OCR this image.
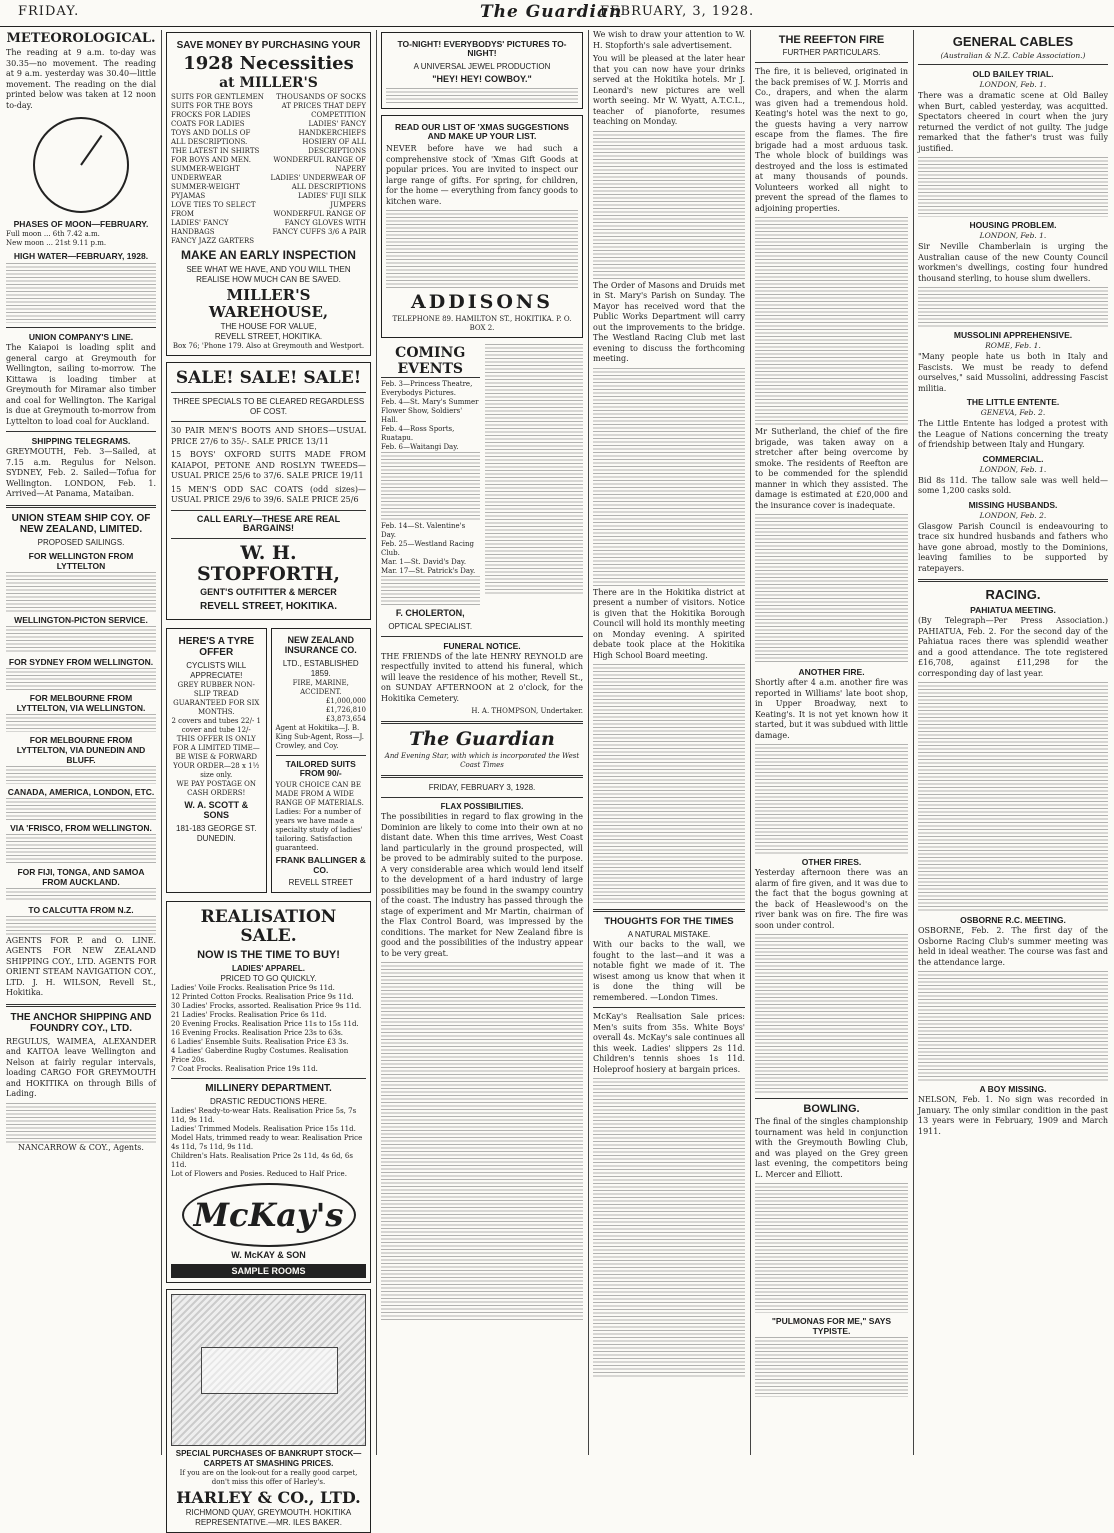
FRIDAY.	The Guardian
FEBRUARY, 3, 1928.
METEOROLOGICAL.

The reading at 9 a.m. to-day was 30.35—no movement. The reading at 9 a.m. yesterday was 30.40—little movement. The reading on the dial printed below was taken at 12 noon to-day.

PHASES OF MOON—FEBRUARY.

Full moon ... 6th 7.42 a.m.

New moon ... 21st 9.11 p.m.

HIGH WATER—FEBRUARY, 1928.
UNION COMPANY'S LINE.

The Kaiapoi is loading split and general cargo at Greymouth for Wellington, sailing to-morrow. The Kittawa is loading timber at Greymouth for Miramar also timber and coal for Wellington. The Karigal is due at Greymouth to-morrow from Lyttelton to load coal for Auckland.

SHIPPING TELEGRAMS.

GREYMOUTH, Feb. 3—Sailed, at 7.15 a.m. Regulus for Nelson. SYDNEY, Feb. 2. Sailed—Tofua for Wellington. LONDON, Feb. 1. Arrived—At Panama, Mataiban.

UNION STEAM SHIP COY. OF NEW ZEALAND, LIMITED.
PROPOSED SAILINGS.
FOR WELLINGTON FROM LYTTELTON
WELLINGTON-PICTON SERVICE.
FOR SYDNEY FROM WELLINGTON.
FOR MELBOURNE FROM LYTTELTON, VIA WELLINGTON.
FOR MELBOURNE FROM LYTTELTON, VIA DUNEDIN AND BLUFF.
CANADA, AMERICA, LONDON, ETC.
VIA 'FRISCO, FROM WELLINGTON.
FOR FIJI, TONGA, AND SAMOA FROM AUCKLAND.
TO CALCUTTA FROM N.Z.

AGENTS FOR P. and O. LINE. AGENTS FOR NEW ZEALAND SHIPPING COY., LTD. AGENTS FOR ORIENT STEAM NAVIGATION COY., LTD. J. H. WILSON, Revell St., Hokitika.

THE ANCHOR SHIPPING AND FOUNDRY COY., LTD.

REGULUS, WAIMEA, ALEXANDER and KAITOA leave Wellington and Nelson at fairly regular intervals, loading CARGO FOR GREYMOUTH and HOKITIKA on through Bills of Lading.

NANCARROW & COY., Agents.

SAVE MONEY BY PURCHASING YOUR
1928 Necessities
at MILLER'S

SUITS FOR GENTLEMEN

SUITS FOR THE BOYS

FROCKS FOR LADIES

COATS FOR LADIES

TOYS AND DOLLS OF ALL DESCRIPTIONS.

THE LATEST IN SHIRTS FOR BOYS AND MEN.

SUMMER-WEIGHT UNDERWEAR

SUMMER-WEIGHT PYJAMAS

LOVE TIES TO SELECT FROM

LADIES' FANCY HANDBAGS

FANCY JAZZ GARTERS

THOUSANDS OF SOCKS AT PRICES THAT DEFY COMPETITION

LADIES' FANCY HANDKERCHIEFS

HOSIERY OF ALL DESCRIPTIONS

WONDERFUL RANGE OF NAPERY

LADIES' UNDERWEAR OF ALL DESCRIPTIONS

LADIES' FUJI SILK JUMPERS

WONDERFUL RANGE OF FANCY GLOVES WITH FANCY CUFFS 3/6 A PAIR

MAKE AN EARLY INSPECTION
SEE WHAT WE HAVE, AND YOU WILL THEN REALISE HOW MUCH CAN BE SAVED.
MILLER'S WAREHOUSE,
THE HOUSE FOR VALUE,
REVELL STREET, HOKITIKA.
Box 76; 'Phone 179. Also at Greymouth and Westport.
SALE! SALE! SALE!
THREE SPECIALS TO BE CLEARED REGARDLESS OF COST.

30 PAIR MEN'S BOOTS AND SHOES—USUAL PRICE 27/6 to 35/-. SALE PRICE 13/11

15 BOYS' OXFORD SUITS MADE FROM KAIAPOI, PETONE AND ROSLYN TWEEDS—USUAL PRICE 25/6 to 37/6. SALE PRICE 19/11

15 MEN'S ODD SAC COATS (odd sizes)—USUAL PRICE 29/6 to 39/6. SALE PRICE 25/6

CALL EARLY—THESE ARE REAL BARGAINS!
W. H. STOPFORTH,
GENT'S OUTFITTER & MERCER
REVELL STREET, HOKITIKA.
HERE'S A TYRE OFFER
CYCLISTS WILL APPRECIATE!

GREY RUBBER NON-SLIP TREAD GUARANTEED FOR SIX MONTHS.

2 covers and tubes 22/- 1 cover and tube 12/-

THIS OFFER IS ONLY FOR A LIMITED TIME—BE WISE & FORWARD YOUR ORDER—28 x 1½ size only.

WE PAY POSTAGE ON CASH ORDERS!

W. A. SCOTT & SONS
181-183 GEORGE ST. DUNEDIN.
NEW ZEALAND INSURANCE CO.
LTD., ESTABLISHED 1859.

FIRE, MARINE, ACCIDENT.

£1,000,000

£1,726,810

£3,873,654

Agent at Hokitika—J. B. King Sub-Agent, Ross—J. Crowley, and Coy.

TAILORED SUITS FROM 90/-

YOUR CHOICE CAN BE MADE FROM A WIDE RANGE OF MATERIALS. Ladies: For a number of years we have made a specialty study of ladies' tailoring. Satisfaction guaranteed.

FRANK BALLINGER & CO.
REVELL STREET
REALISATION SALE.
NOW IS THE TIME TO BUY!
LADIES' APPAREL.
PRICED TO GO QUICKLY.

Ladies' Voile Frocks. Realisation Price 9s 11d.

12 Printed Cotton Frocks. Realisation Price 9s 11d.

30 Ladies' Frocks, assorted. Realisation Price 9s 11d.

21 Ladies' Frocks. Realisation Price 6s 11d.

20 Evening Frocks. Realisation Price 11s to 15s 11d.

16 Evening Frocks. Realisation Price 23s to 63s.

6 Ladies' Ensemble Suits. Realisation Price £3 3s.

4 Ladies' Gaberdine Rugby Costumes. Realisation Price 20s.

7 Coat Frocks. Realisation Price 19s 11d.

MILLINERY DEPARTMENT.
DRASTIC REDUCTIONS HERE.

Ladies' Ready-to-wear Hats. Realisation Price 5s, 7s 11d, 9s 11d.

Ladies' Trimmed Models. Realisation Price 15s 11d.

Model Hats, trimmed ready to wear. Realisation Price 4s 11d, 7s 11d, 9s 11d.

Children's Hats. Realisation Price 2s 11d, 4s 6d, 6s 11d.

Lot of Flowers and Posies. Reduced to Half Price.

McKay's
W. McKAY & SON
SAMPLE ROOMS
SPECIAL PURCHASES OF BANKRUPT STOCK—CARPETS AT SMASHING PRICES.

If you are on the look-out for a really good carpet, don't miss this offer of Harley's.

HARLEY & CO., LTD.
RICHMOND QUAY, GREYMOUTH. HOKITIKA REPRESENTATIVE.—MR. ILES BAKER.
TO-NIGHT! EVERYBODYS' PICTURES TO-NIGHT!
A UNIVERSAL JEWEL PRODUCTION
"HEY! HEY! COWBOY."
READ OUR LIST OF 'XMAS SUGGESTIONS AND MAKE UP YOUR LIST.

NEVER before have we had such a comprehensive stock of 'Xmas Gift Goods at popular prices. You are invited to inspect our large range of gifts. For spring, for children, for the home — everything from fancy goods to kitchen ware.

ADDISONS
TELEPHONE 89. HAMILTON ST., HOKITIKA. P. O. BOX 2.
COMING EVENTS

Feb. 3—Princess Theatre, Everybodys Pictures.

Feb. 4—St. Mary's Summer Flower Show, Soldiers' Hall.

Feb. 4—Ross Sports, Ruatapu.

Feb. 6—Waitangi Day.

Feb. 14—St. Valentine's Day.

Feb. 25—Westland Racing Club.

Mar. 1—St. David's Day.

Mar. 17—St. Patrick's Day.

F. CHOLERTON,
OPTICAL SPECIALIST.
FUNERAL NOTICE.

THE FRIENDS of the late HENRY REYNOLD are respectfully invited to attend his funeral, which will leave the residence of his mother, Revell St., on SUNDAY AFTERNOON at 2 o'clock, for the Hokitika Cemetery.

H. A. THOMPSON, Undertaker.

The Guardian
And Evening Star, with which is incorporated the West Coast Times
FRIDAY, FEBRUARY 3, 1928.
FLAX POSSIBILITIES.

The possibilities in regard to flax growing in the Dominion are likely to come into their own at no distant date. When this time arrives, West Coast land particularly in the ground prospected, will be proved to be admirably suited to the purpose. A very considerable area which would lend itself to the development of a hard industry of large possibilities may be found in the swampy country of the coast. The industry has passed through the stage of experiment and Mr Martin, chairman of the Flax Control Board, was impressed by the conditions. The market for New Zealand fibre is good and the possibilities of the industry appear to be very great.

We wish to draw your attention to W. H. Stopforth's sale advertisement.

You will be pleased at the later hear that you can now have your drinks served at the Hokitika hotels. Mr J. Leonard's new pictures are well worth seeing. Mr W. Wyatt, A.T.C.L., teacher of pianoforte, resumes teaching on Monday.

The Order of Masons and Druids met in St. Mary's Parish on Sunday. The Mayor has received word that the Public Works Department will carry out the improvements to the bridge. The Westland Racing Club met last evening to discuss the forthcoming meeting.

There are in the Hokitika district at present a number of visitors. Notice is given that the Hokitika Borough Council will hold its monthly meeting on Monday evening. A spirited debate took place at the Hokitika High School Board meeting.

THOUGHTS FOR THE TIMES
A NATURAL MISTAKE.

With our backs to the wall, we fought to the last—and it was a notable fight we made of it. The wisest among us know that when it is done the thing will be remembered. —London Times.

McKay's Realisation Sale prices: Men's suits from 35s. White Boys' overall 4s. McKay's sale continues all this week. Ladies' slippers 2s 11d. Children's tennis shoes 1s 11d. Holeproof hosiery at bargain prices.

THE REEFTON FIRE
FURTHER PARTICULARS.

The fire, it is believed, originated in the back premises of W. J. Morris and Co., drapers, and when the alarm was given had a tremendous hold. Keating's hotel was the next to go, the guests having a very narrow escape from the flames. The fire brigade had a most arduous task. The whole block of buildings was destroyed and the loss is estimated at many thousands of pounds. Volunteers worked all night to prevent the spread of the flames to adjoining properties.

Mr Sutherland, the chief of the fire brigade, was taken away on a stretcher after being overcome by smoke. The residents of Reefton are to be commended for the splendid manner in which they assisted. The damage is estimated at £20,000 and the insurance cover is inadequate.

ANOTHER FIRE.

Shortly after 4 a.m. another fire was reported in Williams' late boot shop, in Upper Broadway, next to Keating's. It is not yet known how it started, but it was subdued with little damage.

OTHER FIRES.

Yesterday afternoon there was an alarm of fire given, and it was due to the fact that the bogus gowning at the back of Heaslewood's on the river bank was on fire. The fire was soon under control.

BOWLING.

The final of the singles championship tournament was held in conjunction with the Greymouth Bowling Club, and was played on the Grey green last evening, the competitors being L. Mercer and Elliott.

"PULMONAS FOR ME," SAYS TYPISTE.
GENERAL CABLES
(Australian & N.Z. Cable Association.)
OLD BAILEY TRIAL.
LONDON, Feb. 1.

There was a dramatic scene at Old Bailey when Burt, cabled yesterday, was acquitted. Spectators cheered in court when the jury returned the verdict of not guilty. The judge remarked that the father's trust was fully justified.

HOUSING PROBLEM.
LONDON, Feb. 1.

Sir Neville Chamberlain is urging the Australian cause of the new County Council workmen's dwellings, costing four hundred thousand sterling, to house slum dwellers.

MUSSOLINI APPREHENSIVE.
ROME, Feb. 1.

"Many people hate us both in Italy and Fascists. We must be ready to defend ourselves," said Mussolini, addressing Fascist militia.

THE LITTLE ENTENTE.
GENEVA, Feb. 2.

The Little Entente has lodged a protest with the League of Nations concerning the treaty of friendship between Italy and Hungary.

COMMERCIAL.
LONDON, Feb. 1.

Bid 8s 11d. The tallow sale was well held—some 1,200 casks sold.

MISSING HUSBANDS.
LONDON, Feb. 2.

Glasgow Parish Council is endeavouring to trace six hundred husbands and fathers who have gone abroad, mostly to the Dominions, leaving families to be supported by ratepayers.

RACING.
PAHIATUA MEETING.

(By Telegraph—Per Press Association.) PAHIATUA, Feb. 2. For the second day of the Pahiatua races there was splendid weather and a good attendance. The tote registered £16,708, against £11,298 for the corresponding day of last year.

OSBORNE R.C. MEETING.

OSBORNE, Feb. 2. The first day of the Osborne Racing Club's summer meeting was held in ideal weather. The course was fast and the attendance large.

A BOY MISSING.

NELSON, Feb. 1. No sign was recorded in January. The only similar condition in the past 13 years were in February, 1909 and March 1911.
